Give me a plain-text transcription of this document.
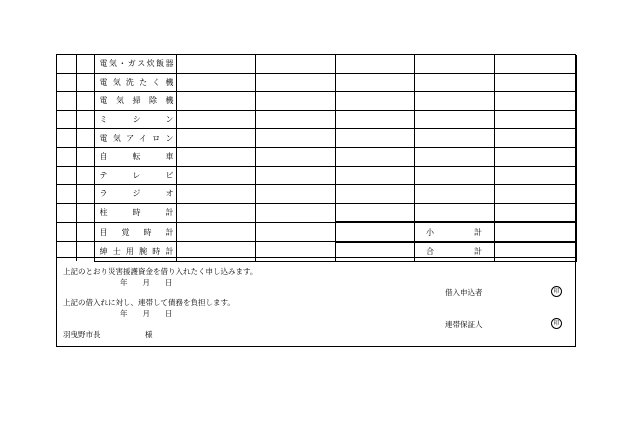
		電気・ガス炊飯器					

		電気洗たく機					

		電気掃除機					

		ミシン					

		電気アイロン					

		自転車					

		テレビ					

		ラジオ					

		柱時計					

		目覚時計				小計	

		紳士用腕時計				合計	
上記のとおり災害援護資金を借り入れたく申し込みます。
年　　月　　日
借入申込者	印
上記の借入れに対し、連帯して債務を負担します。
年　　月　　日
連帯保証人	印
羽曳野市長	様
